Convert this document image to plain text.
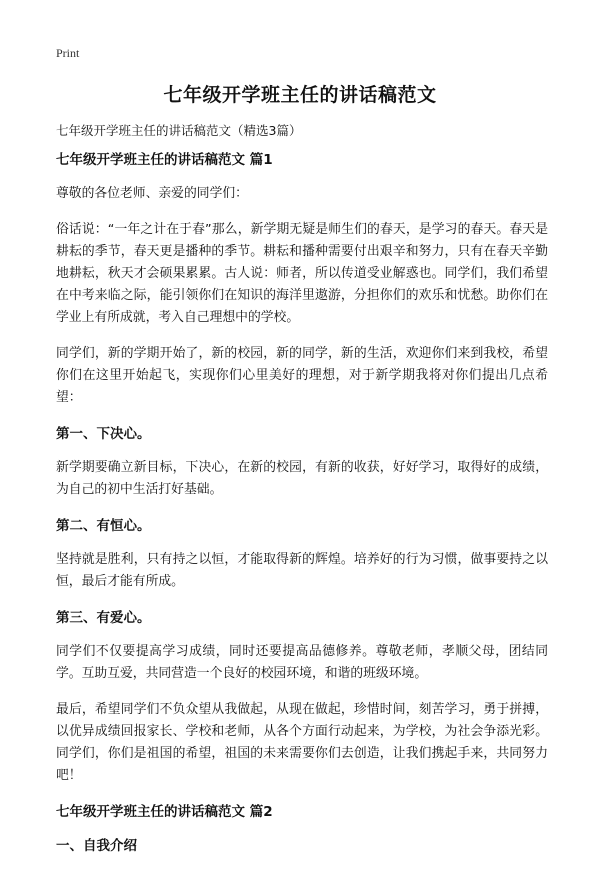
Print
七年级开学班主任的讲话稿范文
七年级开学班主任的讲话稿范文（精选3篇）
七年级开学班主任的讲话稿范文 篇1

尊敬的各位老师、亲爱的同学们：

俗话说：“一年之计在于春”那么，新学期无疑是师生们的春天，是学习的春天。春天是耕耘的季节，春天更是播种的季节。耕耘和播种需要付出艰辛和努力，只有在春天辛勤地耕耘，秋天才会硕果累累。古人说：师者，所以传道受业解惑也。同学们，我们希望在中考来临之际，能引领你们在知识的海洋里遨游，分担你们的欢乐和忧愁。助你们在学业上有所成就，考入自己理想中的学校。

同学们，新的学期开始了，新的校园，新的同学，新的生活，欢迎你们来到我校，希望你们在这里开始起飞，实现你们心里美好的理想，对于新学期我将对你们提出几点希望：

第一、下决心。

新学期要确立新目标，下决心，在新的校园，有新的收获，好好学习，取得好的成绩，为自己的初中生活打好基础。

第二、有恒心。

坚持就是胜利，只有持之以恒，才能取得新的辉煌。培养好的行为习惯，做事要持之以恒，最后才能有所成。

第三、有爱心。

同学们不仅要提高学习成绩，同时还要提高品德修养。尊敬老师，孝顺父母，团结同学。互助互爱，共同营造一个良好的校园环境，和谐的班级环境。

最后，希望同学们不负众望从我做起，从现在做起，珍惜时间，刻苦学习，勇于拼搏，以优异成绩回报家长、学校和老师，从各个方面行动起来，为学校，为社会争添光彩。同学们，你们是祖国的希望，祖国的未来需要你们去创造，让我们携起手来，共同努力吧！

七年级开学班主任的讲话稿范文 篇2
一、自我介绍
